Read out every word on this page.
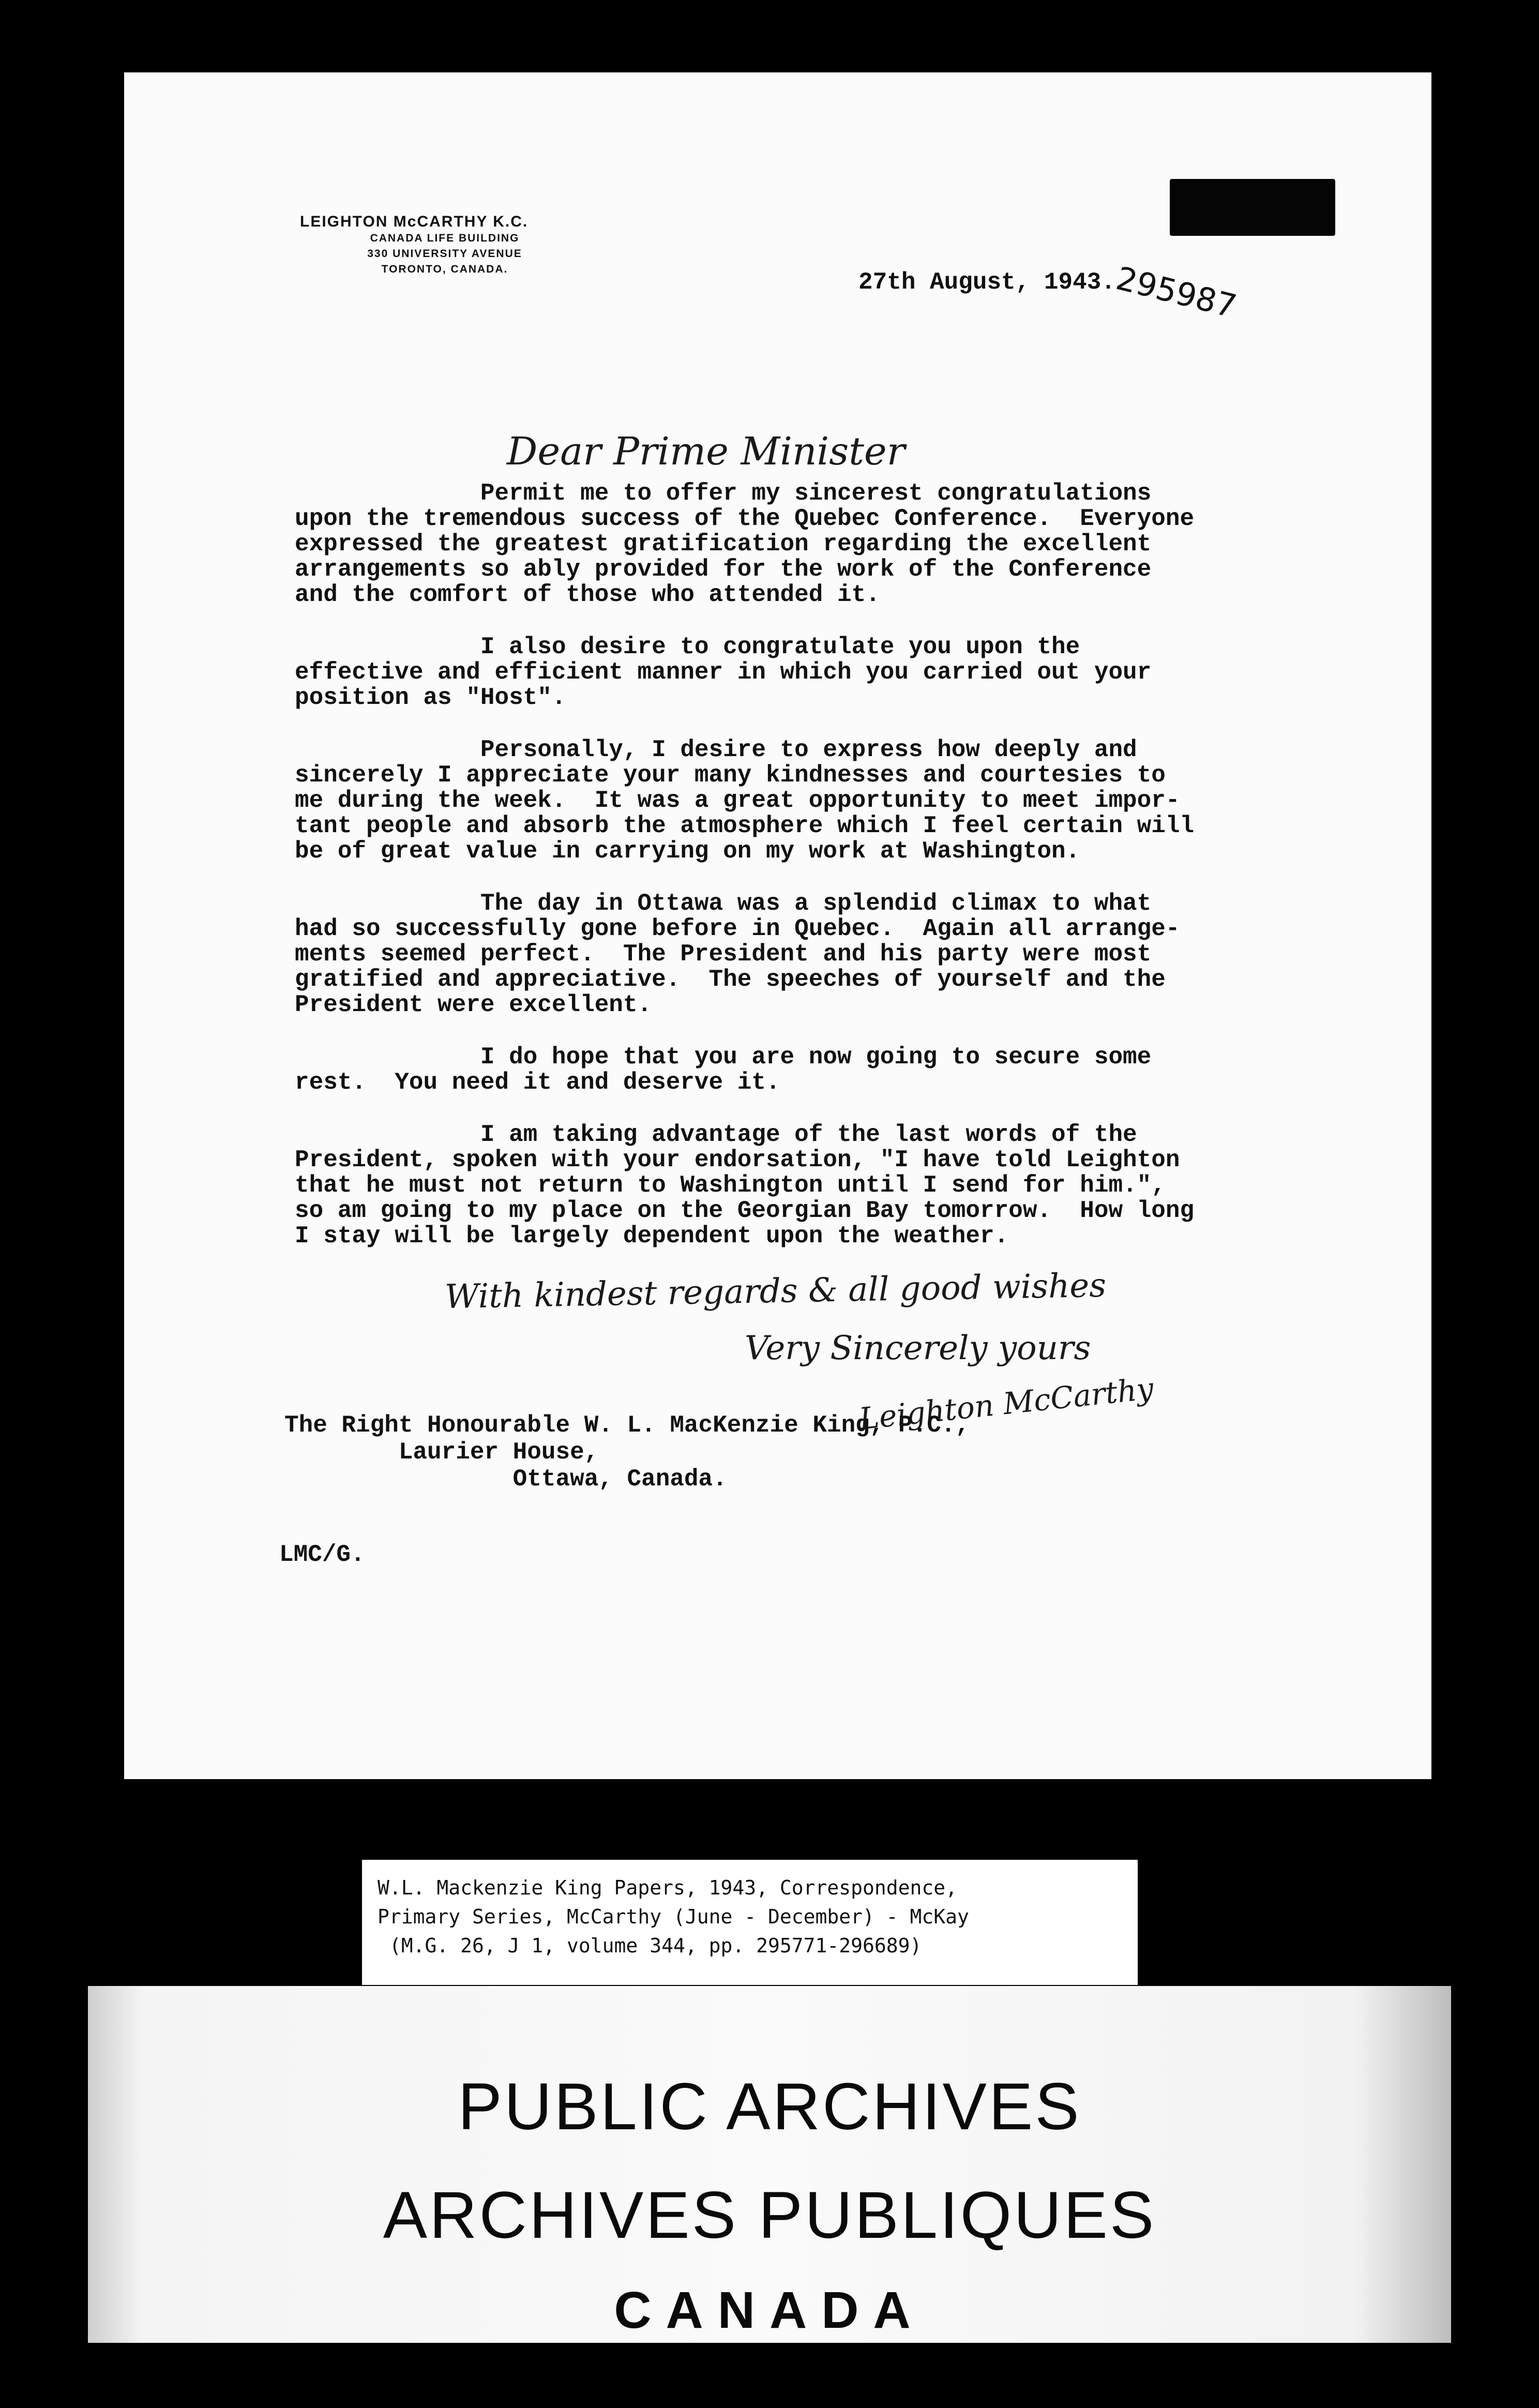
LEIGHTON McCARTHY K.C.
CANADA LIFE BUILDING
330 UNIVERSITY AVENUE
TORONTO, CANADA.	27th August, 1943.
295987
Dear Prime Minister
Permit me to offer my sincerest congratulations
upon the tremendous success of the Quebec Conference.  Everyone
expressed the greatest gratification regarding the excellent
arrangements so ably provided for the work of the Conference
and the comfort of those who attended it.
I also desire to congratulate you upon the
effective and efficient manner in which you carried out your
position as "Host".
Personally, I desire to express how deeply and
sincerely I appreciate your many kindnesses and courtesies to
me during the week.  It was a great opportunity to meet impor-
tant people and absorb the atmosphere which I feel certain will
be of great value in carrying on my work at Washington.
The day in Ottawa was a splendid climax to what
had so successfully gone before in Quebec.  Again all arrange-
ments seemed perfect.  The President and his party were most
gratified and appreciative.  The speeches of yourself and the
President were excellent.
I do hope that you are now going to secure some
rest.  You need it and deserve it.
I am taking advantage of the last words of the
President, spoken with your endorsation, "I have told Leighton
that he must not return to Washington until I send for him.",
so am going to my place on the Georgian Bay tomorrow.  How long
I stay will be largely dependent upon the weather.
With kindest regards & all good wishes
Very Sincerely yours
Leighton McCarthy
The Right Honourable W. L. MacKenzie King, P.C.,
Laurier House,
Ottawa, Canada.
LMC/G.
W.L. Mackenzie King Papers, 1943, Correspondence,
Primary Series, McCarthy (June - December) - McKay
(M.G. 26, J 1, volume 344, pp. 295771-296689)
PUBLIC ARCHIVES
ARCHIVES PUBLIQUES
CANADA
